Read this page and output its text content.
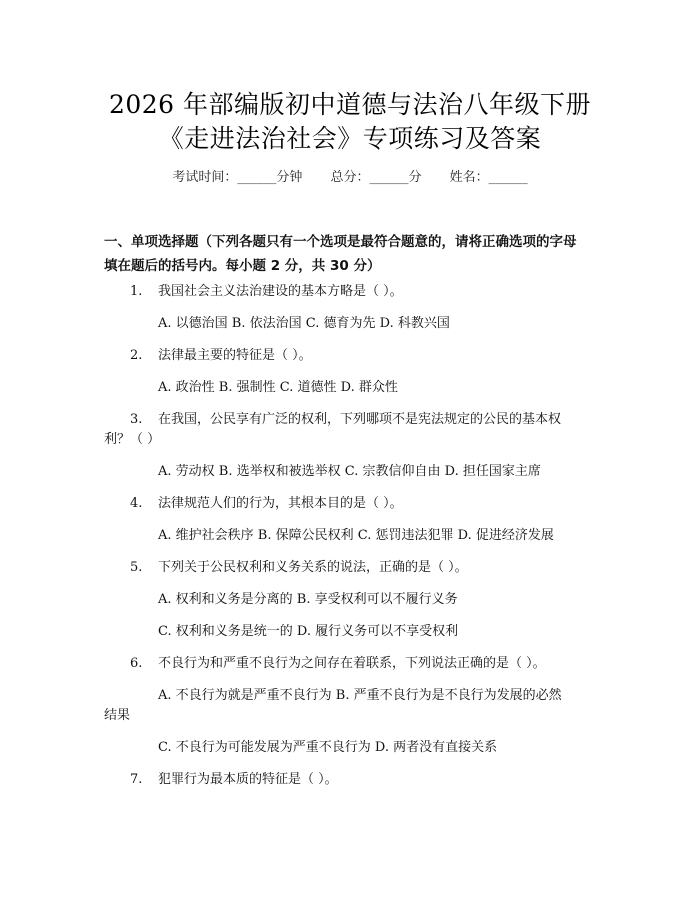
2026 年部编版初中道德与法治八年级下册
《走进法治社会》专项练习及答案
考试时间：______分钟 总分：______分 姓名：______
一、单项选择题（下列各题只有一个选项是最符合题意的，请将正确选项的字母
填在题后的括号内。每小题 2 分，共 30 分）
1. 我国社会主义法治建设的基本方略是（ ）。
A. 以德治国 B. 依法治国 C. 德育为先 D. 科教兴国
2. 法律最主要的特征是（ ）。
A. 政治性 B. 强制性 C. 道德性 D. 群众性
3. 在我国，公民享有广泛的权利，下列哪项不是宪法规定的公民的基本权
利？（ ）
A. 劳动权 B. 选举权和被选举权 C. 宗教信仰自由 D. 担任国家主席
4. 法律规范人们的行为，其根本目的是（ ）。
A. 维护社会秩序 B. 保障公民权利 C. 惩罚违法犯罪 D. 促进经济发展
5. 下列关于公民权利和义务关系的说法，正确的是（ ）。
A. 权利和义务是分离的 B. 享受权利可以不履行义务
C. 权利和义务是统一的 D. 履行义务可以不享受权利
6. 不良行为和严重不良行为之间存在着联系，下列说法正确的是（ ）。
A. 不良行为就是严重不良行为 B. 严重不良行为是不良行为发展的必然
结果
C. 不良行为可能发展为严重不良行为 D. 两者没有直接关系
7. 犯罪行为最本质的特征是（ ）。
